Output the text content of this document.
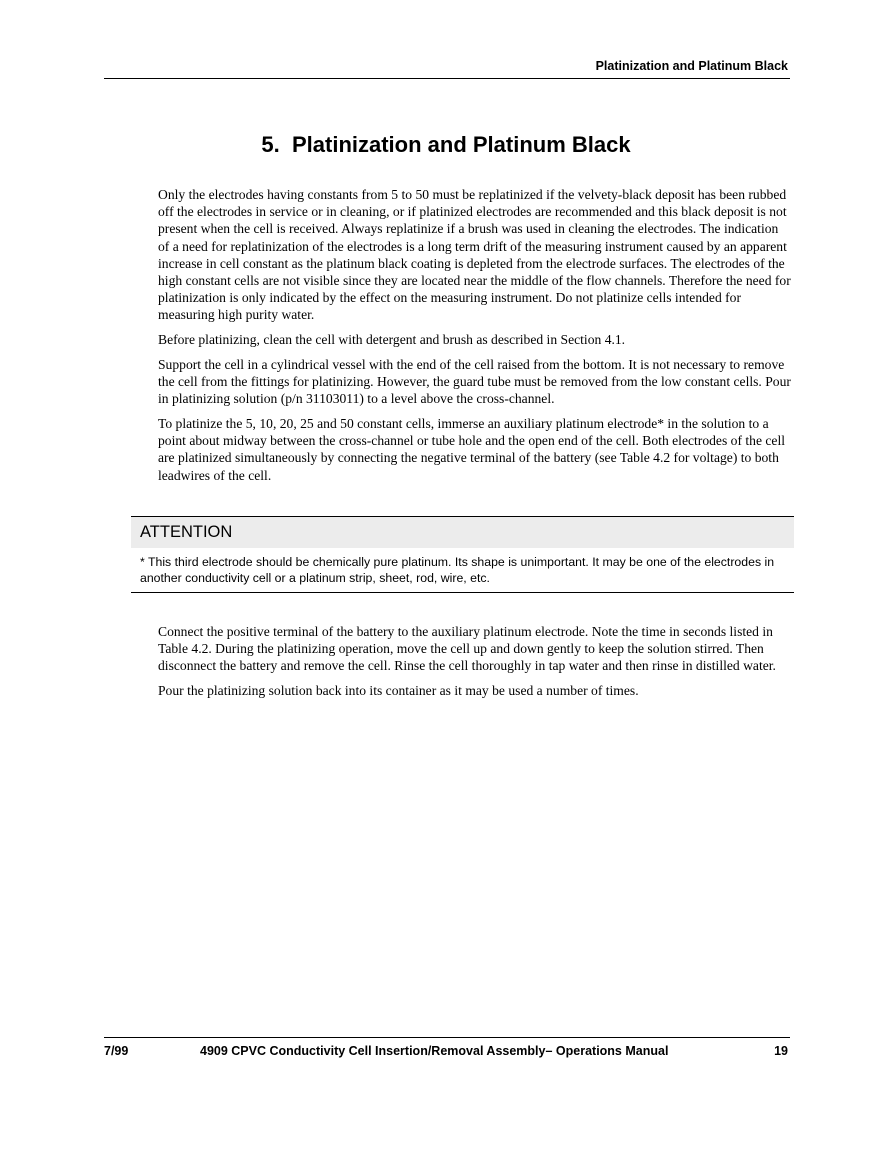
Platinization and Platinum Black
5. Platinization and Platinum Black

Only the electrodes having constants from 5 to 50 must be replatinized if the velvety-black deposit has been rubbed off the electrodes in service or in cleaning, or if platinized electrodes are recommended and this black deposit is not present when the cell is received. Always replatinize if a brush was used in cleaning the electrodes. The indication of a need for replatinization of the electrodes is a long term drift of the measuring instrument caused by an apparent increase in cell constant as the platinum black coating is depleted from the electrode surfaces. The electrodes of the high constant cells are not visible since they are located near the middle of the flow channels. Therefore the need for platinization is only indicated by the effect on the measuring instrument. Do not platinize cells intended for measuring high purity water.

Before platinizing, clean the cell with detergent and brush as described in Section 4.1.

Support the cell in a cylindrical vessel with the end of the cell raised from the bottom. It is not necessary to remove the cell from the fittings for platinizing. However, the guard tube must be removed from the low constant cells. Pour in platinizing solution (p/n 31103011) to a level above the cross-channel.

To platinize the 5, 10, 20, 25 and 50 constant cells, immerse an auxiliary platinum electrode* in the solution to a point about midway between the cross-channel or tube hole and the open end of the cell. Both electrodes of the cell are platinized simultaneously by connecting the negative terminal of the battery (see Table 4.2 for voltage) to both leadwires of the cell.

ATTENTION
* This third electrode should be chemically pure platinum. Its shape is unimportant. It may be one of the electrodes in another conductivity cell or a platinum strip, sheet, rod, wire, etc.

Connect the positive terminal of the battery to the auxiliary platinum electrode. Note the time in seconds listed in Table 4.2. During the platinizing operation, move the cell up and down gently to keep the solution stirred. Then disconnect the battery and remove the cell. Rinse the cell thoroughly in tap water and then rinse in distilled water.

Pour the platinizing solution back into its container as it may be used a number of times.

7/99	4909 CPVC Conductivity Cell Insertion/Removal Assembly– Operations Manual	19
